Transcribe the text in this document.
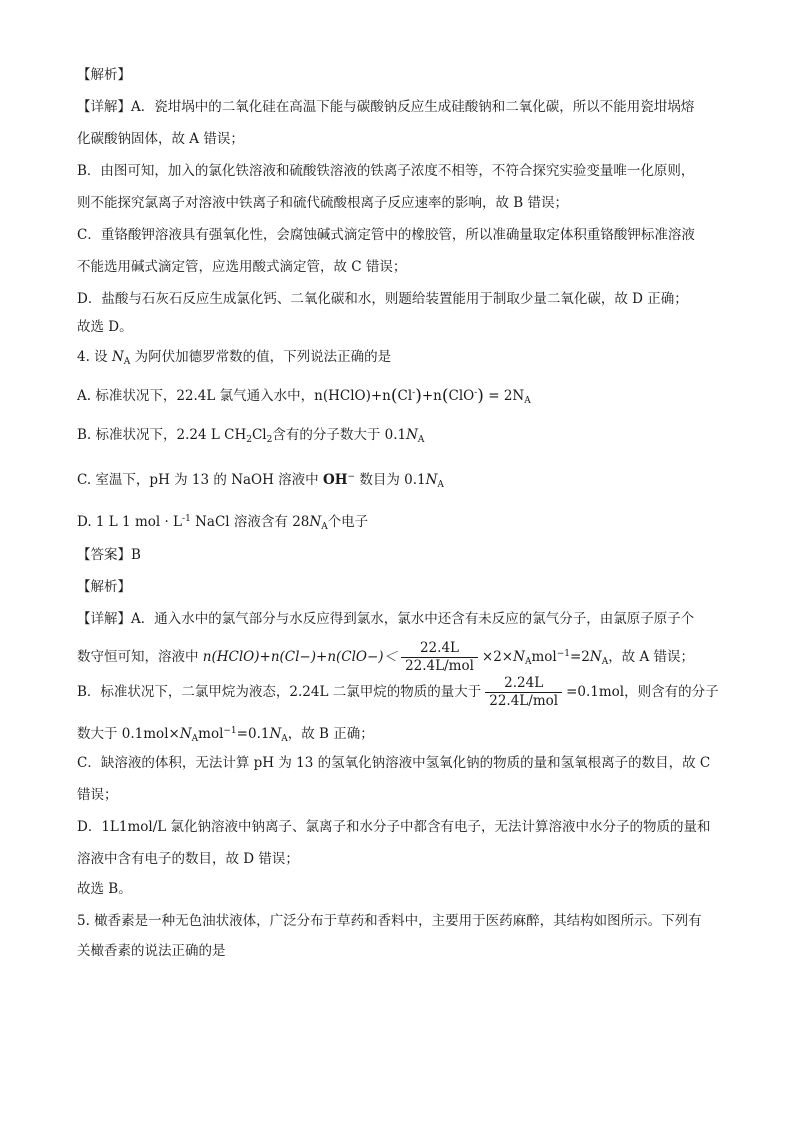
【解析】
【详解】A．瓷坩埚中的二氧化硅在高温下能与碳酸钠反应生成硅酸钠和二氧化碳，所以不能用瓷坩埚熔
化碳酸钠固体，故 A 错误；
B．由图可知，加入的氯化铁溶液和硫酸铁溶液的铁离子浓度不相等，不符合探究实验变量唯一化原则，
则不能探究氯离子对溶液中铁离子和硫代硫酸根离子反应速率的影响，故 B 错误；
C．重铬酸钾溶液具有强氧化性，会腐蚀碱式滴定管中的橡胶管，所以准确量取定体积重铬酸钾标准溶液
不能选用碱式滴定管，应选用酸式滴定管，故 C 错误；
D．盐酸与石灰石反应生成氯化钙、二氧化碳和水，则题给装置能用于制取少量二氧化碳，故 D 正确；
故选 D。
4. 设 $N_A$ 为阿伏加德罗常数的值，下列说法正确的是
A. 标准状况下，22.4L 氯气通入水中，n(HClO)+n(Cl-)+n(ClO-) = $2N_A$
B. 标准状况下，2.24 L $CH_2Cl_2$含有的分子数大于 $0.1N_A$
C. 室温下，pH 为 13 的 NaOH 溶液中 OH− 数目为 $0.1N_A$
D. 1 L 1 mol · $L^{-1}$ NaCl 溶液含有 $28N_A$个电子
【答案】B
【解析】
【详解】A．通入水中的氯气部分与水反应得到氯水，氯水中还含有未反应的氯气分子，由氯原子原子个
数守恒可知，溶液中 n(HClO)+n(Cl−)+n(ClO−)＜ $\frac{22.4L}{\text{22.4L/mol}} \times 2\times N_Amol^{-1}=2N_A$，故 A 错误；
B．标准状况下，二氯甲烷为液态，2.24L 二氯甲烷的物质的量大于 $\frac{2.24L}{\text{22.4L/mol}} =0.1mol$，则含有的分子
数大于 $0.1mol\times N_Amol^{-1}=0.1N_A$，故 B 正确；
C．缺溶液的体积，无法计算 pH 为 13 的氢氧化钠溶液中氢氧化钠的物质的量和氢氧根离子的数目，故 C
错误；
D．1L1mol/L 氯化钠溶液中钠离子、氯离子和水分子中都含有电子，无法计算溶液中水分子的物质的量和
溶液中含有电子的数目，故 D 错误；
故选 B。
5. 橄香素是一种无色油状液体，广泛分布于草药和香料中，主要用于医药麻醉，其结构如图所示。下列有
关橄香素的说法正确的是
